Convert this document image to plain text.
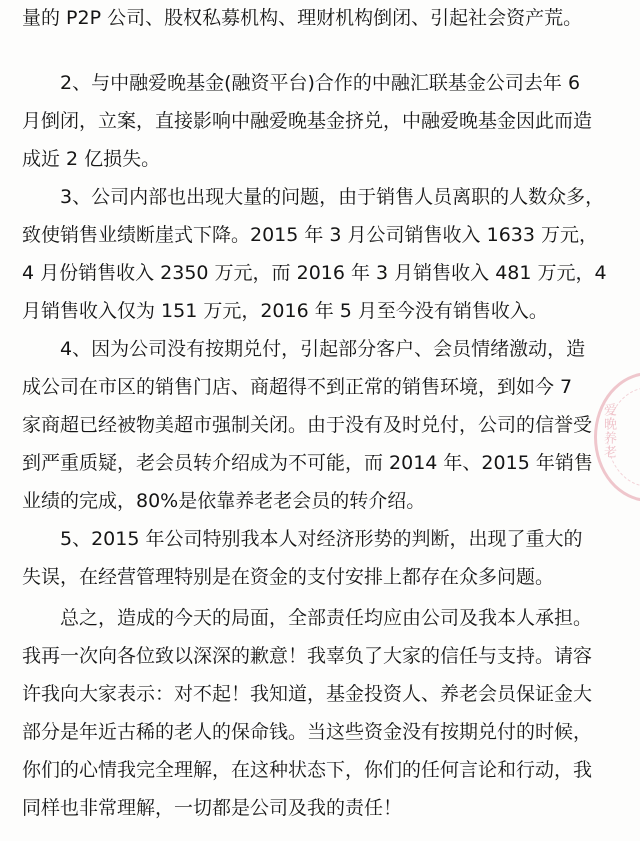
量的 P2P 公司、股权私募机构、理财机构倒闭、引起社会资产荒。
2、与中融爱晚基金(融资平台)合作的中融汇联基金公司去年 6
月倒闭，立案，直接影响中融爱晚基金挤兑，中融爱晚基金因此而造
成近 2 亿损失。
3、公司内部也出现大量的问题，由于销售人员离职的人数众多，
致使销售业绩断崖式下降。2015 年 3 月公司销售收入 1633 万元，
4 月份销售收入 2350 万元，而 2016 年 3 月销售收入 481 万元，4
月销售收入仅为 151 万元，2016 年 5 月至今没有销售收入。
4、因为公司没有按期兑付，引起部分客户、会员情绪激动，造
成公司在市区的销售门店、商超得不到正常的销售环境，到如今 7
家商超已经被物美超市强制关闭。由于没有及时兑付，公司的信誉受
到严重质疑，老会员转介绍成为不可能，而 2014 年、2015 年销售
业绩的完成，80%是依靠养老老会员的转介绍。
5、2015 年公司特别我本人对经济形势的判断，出现了重大的
失误，在经营管理特别是在资金的支付安排上都存在众多问题。
总之，造成的今天的局面，全部责任均应由公司及我本人承担。
我再一次向各位致以深深的歉意！我辜负了大家的信任与支持。请容
许我向大家表示：对不起！我知道，基金投资人、养老会员保证金大
部分是年近古稀的老人的保命钱。当这些资金没有按期兑付的时候，
你们的心情我完全理解，在这种状态下，你们的任何言论和行动，我
同样也非常理解，一切都是公司及我的责任！
爱晚养老
